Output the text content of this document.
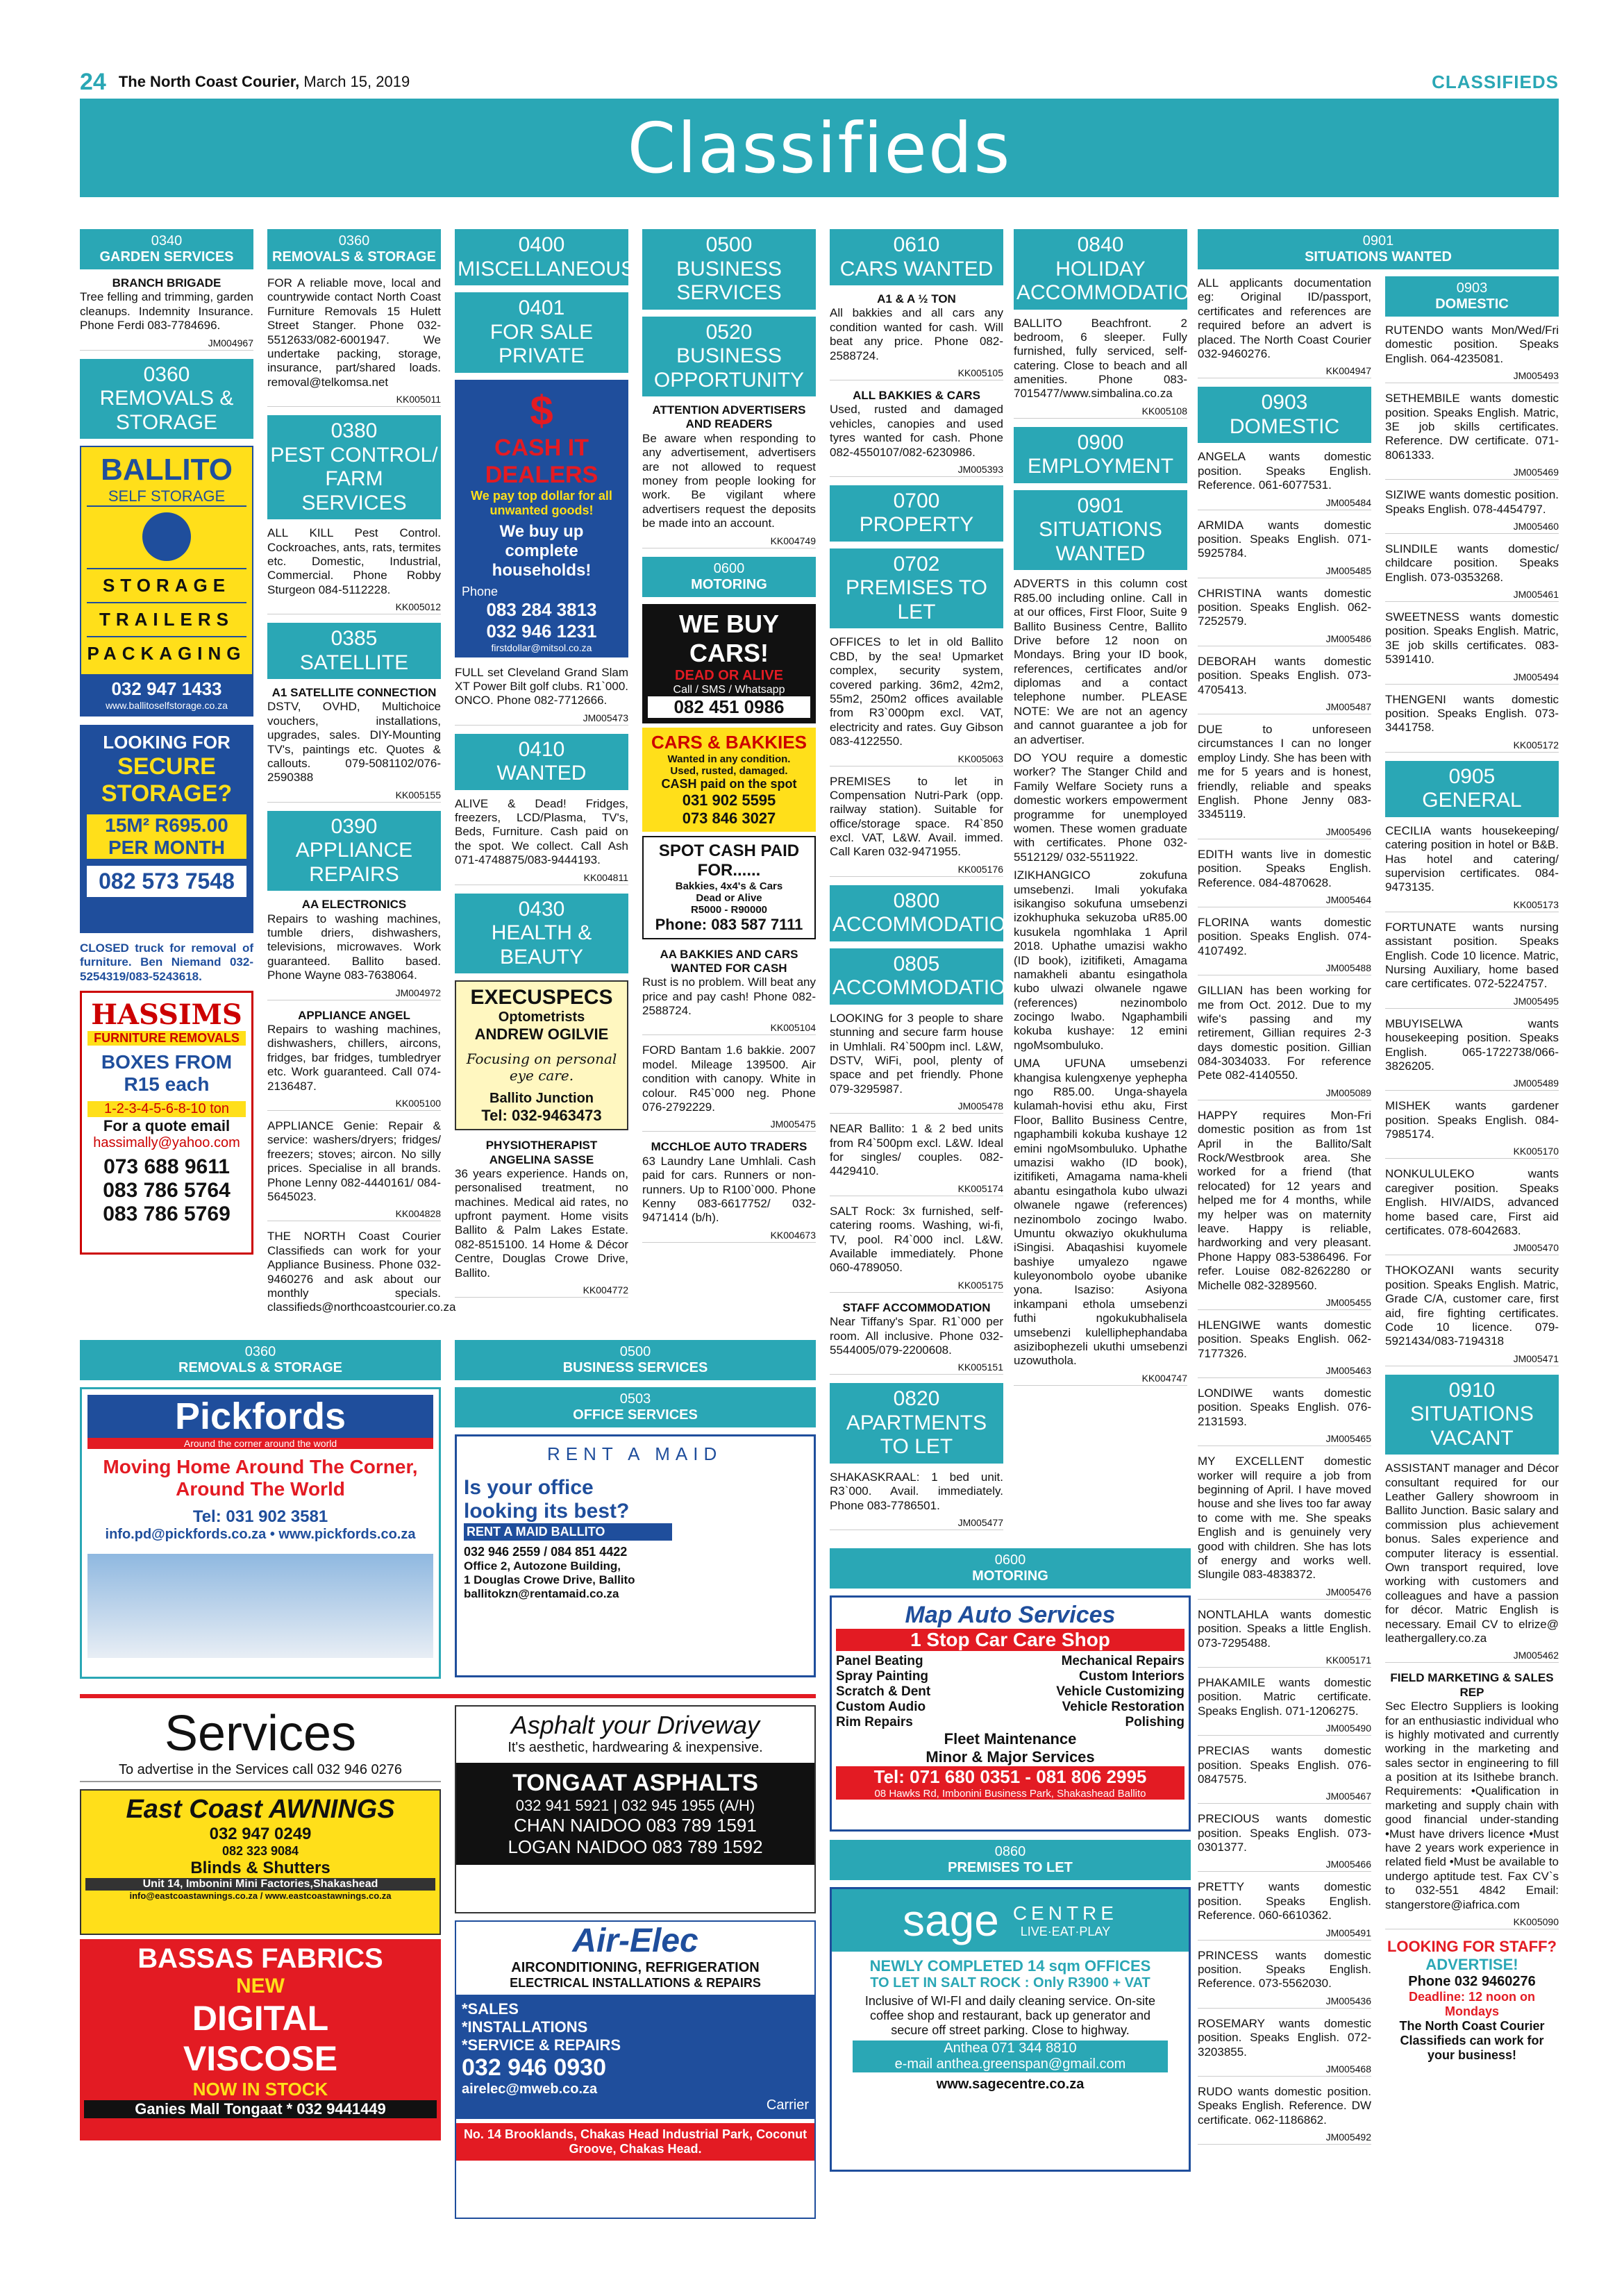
24 The North Coast Courier, March 15, 2019	CLASSIFIEDS
Classifieds
0340
GARDEN SERVICES
BRANCH BRIGADE
Tree felling and trimming, garden cleanups. Indemnity Insurance. Phone Ferdi 083-7784696.
JM004967
0360
REMOVALS & STORAGE
BALLITO
SELF STORAGE
STORAGE
TRAILERS
PACKAGING
032 947 1433
www.ballitoselfstorage.co.za
LOOKING FOR
SECURE STORAGE?
15M² R695.00 PER MONTH
082 573 7548
CLOSED truck for removal of furniture. Ben Niemand 032-5254319/083-5243618.
HASSIMS
FURNITURE REMOVALS
BOXES FROM R15 each
1-2-3-4-5-6-8-10 ton
For a quote email
hassimally@yahoo.com
073 688 9611
083 786 5764
083 786 5769
0360
REMOVALS & STORAGE
FOR A reliable move, local and countrywide contact North Coast Furniture Removals 15 Hulett Street Stanger. Phone 032-5512633/082-6001947. We undertake packing, storage, insurance, part/shared loads. removal@telkomsa.net
KK005011
0380
PEST CONTROL/ FARM SERVICES
ALL KILL Pest Control. Cockroaches, ants, rats, termites etc. Domestic, Industrial, Commercial. Phone Robby Sturgeon 084-5112228.
KK005012
0385
SATELLITE
A1 SATELLITE CONNECTION
DSTV, OVHD, Multichoice vouchers, installations, upgrades, sales. DIY-Mounting TV's, paintings etc. Quotes & callouts. 079-5081102/076-2590388
KK005155
0390
APPLIANCE REPAIRS
AA ELECTRONICS
Repairs to washing machines, tumble driers, dishwashers, televisions, microwaves. Work guaranteed. Ballito based. Phone Wayne 083-7638064.
JM004972
APPLIANCE ANGEL
Repairs to washing machines, dishwashers, chillers, aircons, fridges, bar fridges, tumbledryer etc. Work guaranteed. Call 074-2136487.
KK005100
APPLIANCE Genie: Repair & service: washers/dryers; fridges/ freezers; stoves; aircon. No silly prices. Specialise in all brands. Phone Lenny 082-4440161/ 084-5645023.
KK004828
THE NORTH Coast Courier Classifieds can work for your Appliance Business. Phone 032-9460276 and ask about our monthly specials. classifieds@northcoastcourier.co.za
0400
MISCELLANEOUS
0401
FOR SALE PRIVATE
$
CASH IT
DEALERS
We pay top dollar for all unwanted goods!
We buy up complete households!
Phone
083 284 3813
032 946 1231
firstdollar@mitsol.co.za
FULL set Cleveland Grand Slam XT Power Bilt golf clubs. R1`000. ONCO. Phone 082-7712666.
JM005473
0410
WANTED
ALIVE & Dead! Fridges, freezers, LCD/Plasma, TV's, Beds, Furniture. Cash paid on the spot. We collect. Call Ash 071-4748875/083-9444193.
KK004811
0430
HEALTH & BEAUTY
EXECUSPECS
Optometrists
ANDREW OGILVIE
Focusing on personal eye care.
Ballito Junction
Tel: 032-9463473
PHYSIOTHERAPIST ANGELINA SASSE
36 years experience. Hands on, personalised treatment, no machines. Medical aid rates, no upfront payment. Home visits Ballito & Palm Lakes Estate. 082-8515100. 14 Home & Décor Centre, Douglas Crowe Drive, Ballito.
KK004772
0500
BUSINESS SERVICES
0520
BUSINESS OPPORTUNITY
ATTENTION ADVERTISERS AND READERS
Be aware when responding to any advertisement, advertisers are not allowed to request money from people looking for work. Be vigilant where advertisers request the deposits be made into an account.
KK004749
0600
MOTORING
WE BUY
CARS!
DEAD OR ALIVE
Call / SMS / Whatsapp
082 451 0986
CARS & BAKKIES
Wanted in any condition.
Used, rusted, damaged.
CASH paid on the spot
031 902 5595
073 846 3027
SPOT CASH PAID FOR......
Bakkies, 4x4's & Cars
Dead or Alive
R5000 - R90000
Phone: 083 587 7111
AA BAKKIES AND CARS WANTED FOR CASH
Rust is no problem. Will beat any price and pay cash! Phone 082-2588724.
KK005104
FORD Bantam 1.6 bakkie. 2007 model. Mileage 139500. Air condition with canopy. White in colour. R45`000 neg. Phone 076-2792229.
JM005475
MCCHLOE AUTO TRADERS
63 Laundry Lane Umhlali. Cash paid for cars. Runners or non-runners. Up to R100`000. Phone Kenny 083-6617752/ 032-9471414 (b/h).
KK004673
0610
CARS WANTED
A1 & A ½ TON
All bakkies and all cars any condition wanted for cash. Will beat any price. Phone 082-2588724.
KK005105
ALL BAKKIES & CARS
Used, rusted and damaged vehicles, canopies and used tyres wanted for cash. Phone 082-4550107/082-6230986.
JM005393
0700
PROPERTY
0702
PREMISES TO LET
OFFICES to let in old Ballito CBD, by the sea! Upmarket complex, security system, covered parking. 36m2, 42m2, 55m2, 250m2 offices available from R3`000pm excl. VAT, electricity and rates. Guy Gibson 083-4122550.
KK005063
PREMISES to let in Compensation Nutri-Park (opp. railway station). Suitable for office/storage space. R4`850 excl. VAT, L&W. Avail. immed. Call Karen 032-9471955.
KK005176
0800
ACCOMMODATION
0805
ACCOMMODATION
LOOKING for 3 people to share stunning and secure farm house in Umhlali. R4`500pm incl. L&W, DSTV, WiFi, pool, plenty of space and pet friendly. Phone 079-3295987.
JM005478
NEAR Ballito: 1 & 2 bed units from R4`500pm excl. L&W. Ideal for singles/ couples. 082-4429410.
KK005174
SALT Rock: 3x furnished, self-catering rooms. Washing, wi-fi, TV, pool. R4`000 incl. L&W. Available immediately. Phone 060-4789050.
KK005175
STAFF ACCOMMODATION
Near Tiffany's Spar. R1`000 per room. All inclusive. Phone 032-5544005/079-2200608.
KK005151
0820
APARTMENTS TO LET
SHAKASKRAAL: 1 bed unit. R3`000. Avail. immediately. Phone 083-7786501.
JM005477
0840
HOLIDAY ACCOMMODATION
BALLITO Beachfront. 2 bedroom, 6 sleeper. Fully furnished, fully serviced, self-catering. Close to beach and all amenities. Phone 083-7015477/www.simbalina.co.za
KK005108
0900
EMPLOYMENT
0901
SITUATIONS WANTED
ADVERTS in this column cost R85.00 including online. Call in at our offices, First Floor, Suite 9 Ballito Business Centre, Ballito Drive before 12 noon on Mondays. Bring your ID book, references, certificates and/or diplomas and a contact telephone number. PLEASE NOTE: We are not an agency and cannot guarantee a job for an advertiser.
DO YOU require a domestic worker? The Stanger Child and Family Welfare Society runs a domestic workers empowerment programme for unemployed women. These women graduate with certificates. Phone 032-5512129/ 032-5511922.
IZIKHANGICO zokufuna umsebenzi. Imali yokufaka isikangiso sokufuna umsebenzi izokhuphuka sekuzoba uR85.00 kusukela ngomhlaka 1 April 2018. Uphathe umazisi wakho (ID book), izitifiketi, Amagama namakheli abantu esingathola kubo ulwazi olwanele ngawe (references) nezinombolo zocingo lwabo. Ngaphambili kokuba kushaye: 12 emini ngoMsombuluko.
UMA UFUNA umsebenzi khangisa kulengxenye yephepha ngo R85.00. Unga-shayela kulamah-hovisi ethu aku, First Floor, Ballito Business Centre, ngaphambili kokuba kushaye 12 emini ngoMsombuluko. Uphathe umazisi wakho (ID book), izitifiketi, Amagama nama-kheli abantu esingathola kubo ulwazi olwanele ngawe (references) nezinombolo zocingo lwabo. Umuntu okwaziyo okukhuluma iSingisi. Abaqashisi kuyomele bashiye umyalezo ngawe kuleyonombolo oyobe ubanike yona. Isaziso: Asiyona inkampani ethola umsebenzi futhi ngokukubhalisela umsebenzi kulelliphephandaba asizibophezeli ukuthi umsebenzi uzowuthola.
KK004747
0901
SITUATIONS WANTED
ALL applicants documentation eg: Original ID/passport, certificates and references are required before an advert is placed. The North Coast Courier 032-9460276.
KK004947
0903
DOMESTIC
ANGELA wants domestic position. Speaks English. Reference. 061-6077531.
JM005484
ARMIDA wants domestic position. Speaks English. 071-5925784.
JM005485
CHRISTINA wants domestic position. Speaks English. 062-7252579.
JM005486
DEBORAH wants domestic position. Speaks English. 073-4705413.
JM005487
DUE to unforeseen circumstances I can no longer employ Lindy. She has been with me for 5 years and is honest, friendly, reliable and speaks English. Phone Jenny 083-3345119.
JM005496
EDITH wants live in domestic position. Speaks English. Reference. 084-4870628.
JM005464
FLORINA wants domestic position. Speaks English. 074-4107492.
JM005488
GILLIAN has been working for me from Oct. 2012. Due to my wife's passing and my retirement, Gillian requires 2-3 days domestic position. Gillian 084-3034033. For reference Pete 082-4140550.
JM005089
HAPPY requires Mon-Fri domestic position as from 1st April in the Ballito/Salt Rock/Westbrook area. She worked for a friend (that relocated) for 12 years and helped me for 4 months, while my helper was on maternity leave. Happy is reliable, hardworking and very pleasant. Phone Happy 083-5386496. For refer. Louise 082-8262280 or Michelle 082-3289560.
JM005455
HLENGIWE wants domestic position. Speaks English. 062-7177326.
JM005463
LONDIWE wants domestic position. Speaks English. 076-2131593.
JM005465
MY EXCELLENT domestic worker will require a job from beginning of April. I have moved house and she lives too far away to come with me. She speaks English and is genuinely very good with children. She has lots of energy and works well. Slungile 083-4838372.
JM005476
NONTLAHLA wants domestic position. Speaks a little English. 073-7295488.
KK005171
PHAKAMILE wants domestic position. Matric certificate. Speaks English. 071-1206275.
JM005490
PRECIAS wants domestic position. Speaks English. 076-0847575.
JM005467
PRECIOUS wants domestic position. Speaks English. 073-0301377.
JM005466
PRETTY wants domestic position. Speaks English. Reference. 060-6610362.
JM005491
PRINCESS wants domestic position. Speaks English. Reference. 073-5562030.
JM005436
ROSEMARY wants domestic position. Speaks English. 072-3203855.
JM005468
RUDO wants domestic position. Speaks English. Reference. DW certificate. 062-1186862.
JM005492
0903
DOMESTIC
RUTENDO wants Mon/Wed/Fri domestic position. Speaks English. 064-4235081.
JM005493
SETHEMBILE wants domestic position. Speaks English. Matric, 3E job skills certificates. Reference. DW certificate. 071-8061333.
JM005469
SIZIWE wants domestic position. Speaks English. 078-4454797.
JM005460
SLINDILE wants domestic/ childcare position. Speaks English. 073-0353268.
JM005461
SWEETNESS wants domestic position. Speaks English. Matric, 3E job skills certificates. 083-5391410.
JM005494
THENGENI wants domestic position. Speaks English. 073-3441758.
KK005172
0905
GENERAL
CECILIA wants housekeeping/ catering position in hotel or B&B. Has hotel and catering/ supervision certificates. 084-9473135.
KK005173
FORTUNATE wants nursing assistant position. Speaks English. Code 10 licence. Matric, Nursing Auxiliary, home based care certificates. 072-5224757.
JM005495
MBUYISELWA wants housekeeping position. Speaks English. 065-1722738/066-3826205.
JM005489
MISHEK wants gardener position. Speaks English. 084-7985174.
KK005170
NONKULULEKO wants caregiver position. Speaks English. HIV/AIDS, advanced home based care, First aid certificates. 078-6042683.
JM005470
THOKOZANI wants security position. Speaks English. Matric, Grade C/A, customer care, first aid, fire fighting certificates. Code 10 licence. 079-5921434/083-7194318
JM005471
0910
SITUATIONS VACANT
ASSISTANT manager and Décor consultant required for our Leather Gallery showroom in Ballito Junction. Basic salary and commission plus achievement bonus. Sales experience and computer literacy is essential. Own transport required, love working with customers and colleagues and have a passion for décor. Matric English is necessary. Email CV to elrize@ leathergallery.co.za
JM005462
FIELD MARKETING & SALES REP
Sec Electro Suppliers is looking for an enthusiastic individual who is highly motivated and currently working in the marketing and sales sector in engineering to fill a position at its Isithebe branch. Requirements: •Qualification in marketing and supply chain with good financial under-standing •Must have drivers licence •Must have 2 years work experience in related field •Must be available to undergo aptitude test. Fax CV`s to 032-551 4842 Email: stangerstore@iafrica.com
KK005090
LOOKING FOR STAFF?
ADVERTISE!
Phone 032 9460276
Deadline: 12 noon on Mondays
The North Coast Courier Classifieds can work for your business!
0360
REMOVALS & STORAGE
Pickfords
Around the corner around the world
Moving Home Around The Corner, Around The World
Tel: 031 902 3581
info.pd@pickfords.co.za • www.pickfords.co.za
0500
BUSINESS SERVICES
0503
OFFICE SERVICES
RENT A MAID
Is your office looking its best?
RENT A MAID BALLITO
032 946 2559 / 084 851 4422
Office 2, Autozone Building,
1 Douglas Crowe Drive, Ballito
ballitokzn@rentamaid.co.za
0600
MOTORING
Map Auto Services
1 Stop Car Care Shop
Panel Beating
Spray Painting
Scratch & Dent
Custom Audio
Rim Repairs
Mechanical Repairs
Custom Interiors
Vehicle Customizing
Vehicle Restoration
Polishing
Fleet Maintenance
Minor & Major Services
Tel: 071 680 0351 - 081 806 2995
08 Hawks Rd, Imbonini Business Park, Shakashead Ballito
0860
PREMISES TO LET
sage CENTRE
LIVE·EAT·PLAY
NEWLY COMPLETED 14 sqm OFFICES
TO LET IN SALT ROCK : Only R3900 + VAT
Inclusive of WI-FI and daily cleaning service. On-site coffee shop and restaurant, back up generator and secure off street parking. Close to highway.
Anthea 071 344 8810
e-mail anthea.greenspan@gmail.com
www.sagecentre.co.za
Services
To advertise in the Services call 032 946 0276
East Coast AWNINGS
032 947 0249
082 323 9084
Blinds & Shutters
Unit 14, Imbonini Mini Factories,Shakashead
info@eastcoastawnings.co.za / www.eastcoastawnings.co.za
BASSAS FABRICS
NEW
DIGITAL
VISCOSE
NOW IN STOCK
Ganies Mall Tongaat * 032 9441449
Asphalt your Driveway
It's aesthetic, hardwearing & inexpensive.
TONGAAT ASPHALTS
032 941 5921 | 032 945 1955 (A/H)
CHAN NAIDOO 083 789 1591
LOGAN NAIDOO 083 789 1592
Air-Elec
AIRCONDITIONING, REFRIGERATION
ELECTRICAL INSTALLATIONS & REPAIRS
*SALES
*INSTALLATIONS
*SERVICE & REPAIRS
032 946 0930
airelec@mweb.co.za
Carrier
No. 14 Brooklands, Chakas Head Industrial Park, Coconut Groove, Chakas Head.
